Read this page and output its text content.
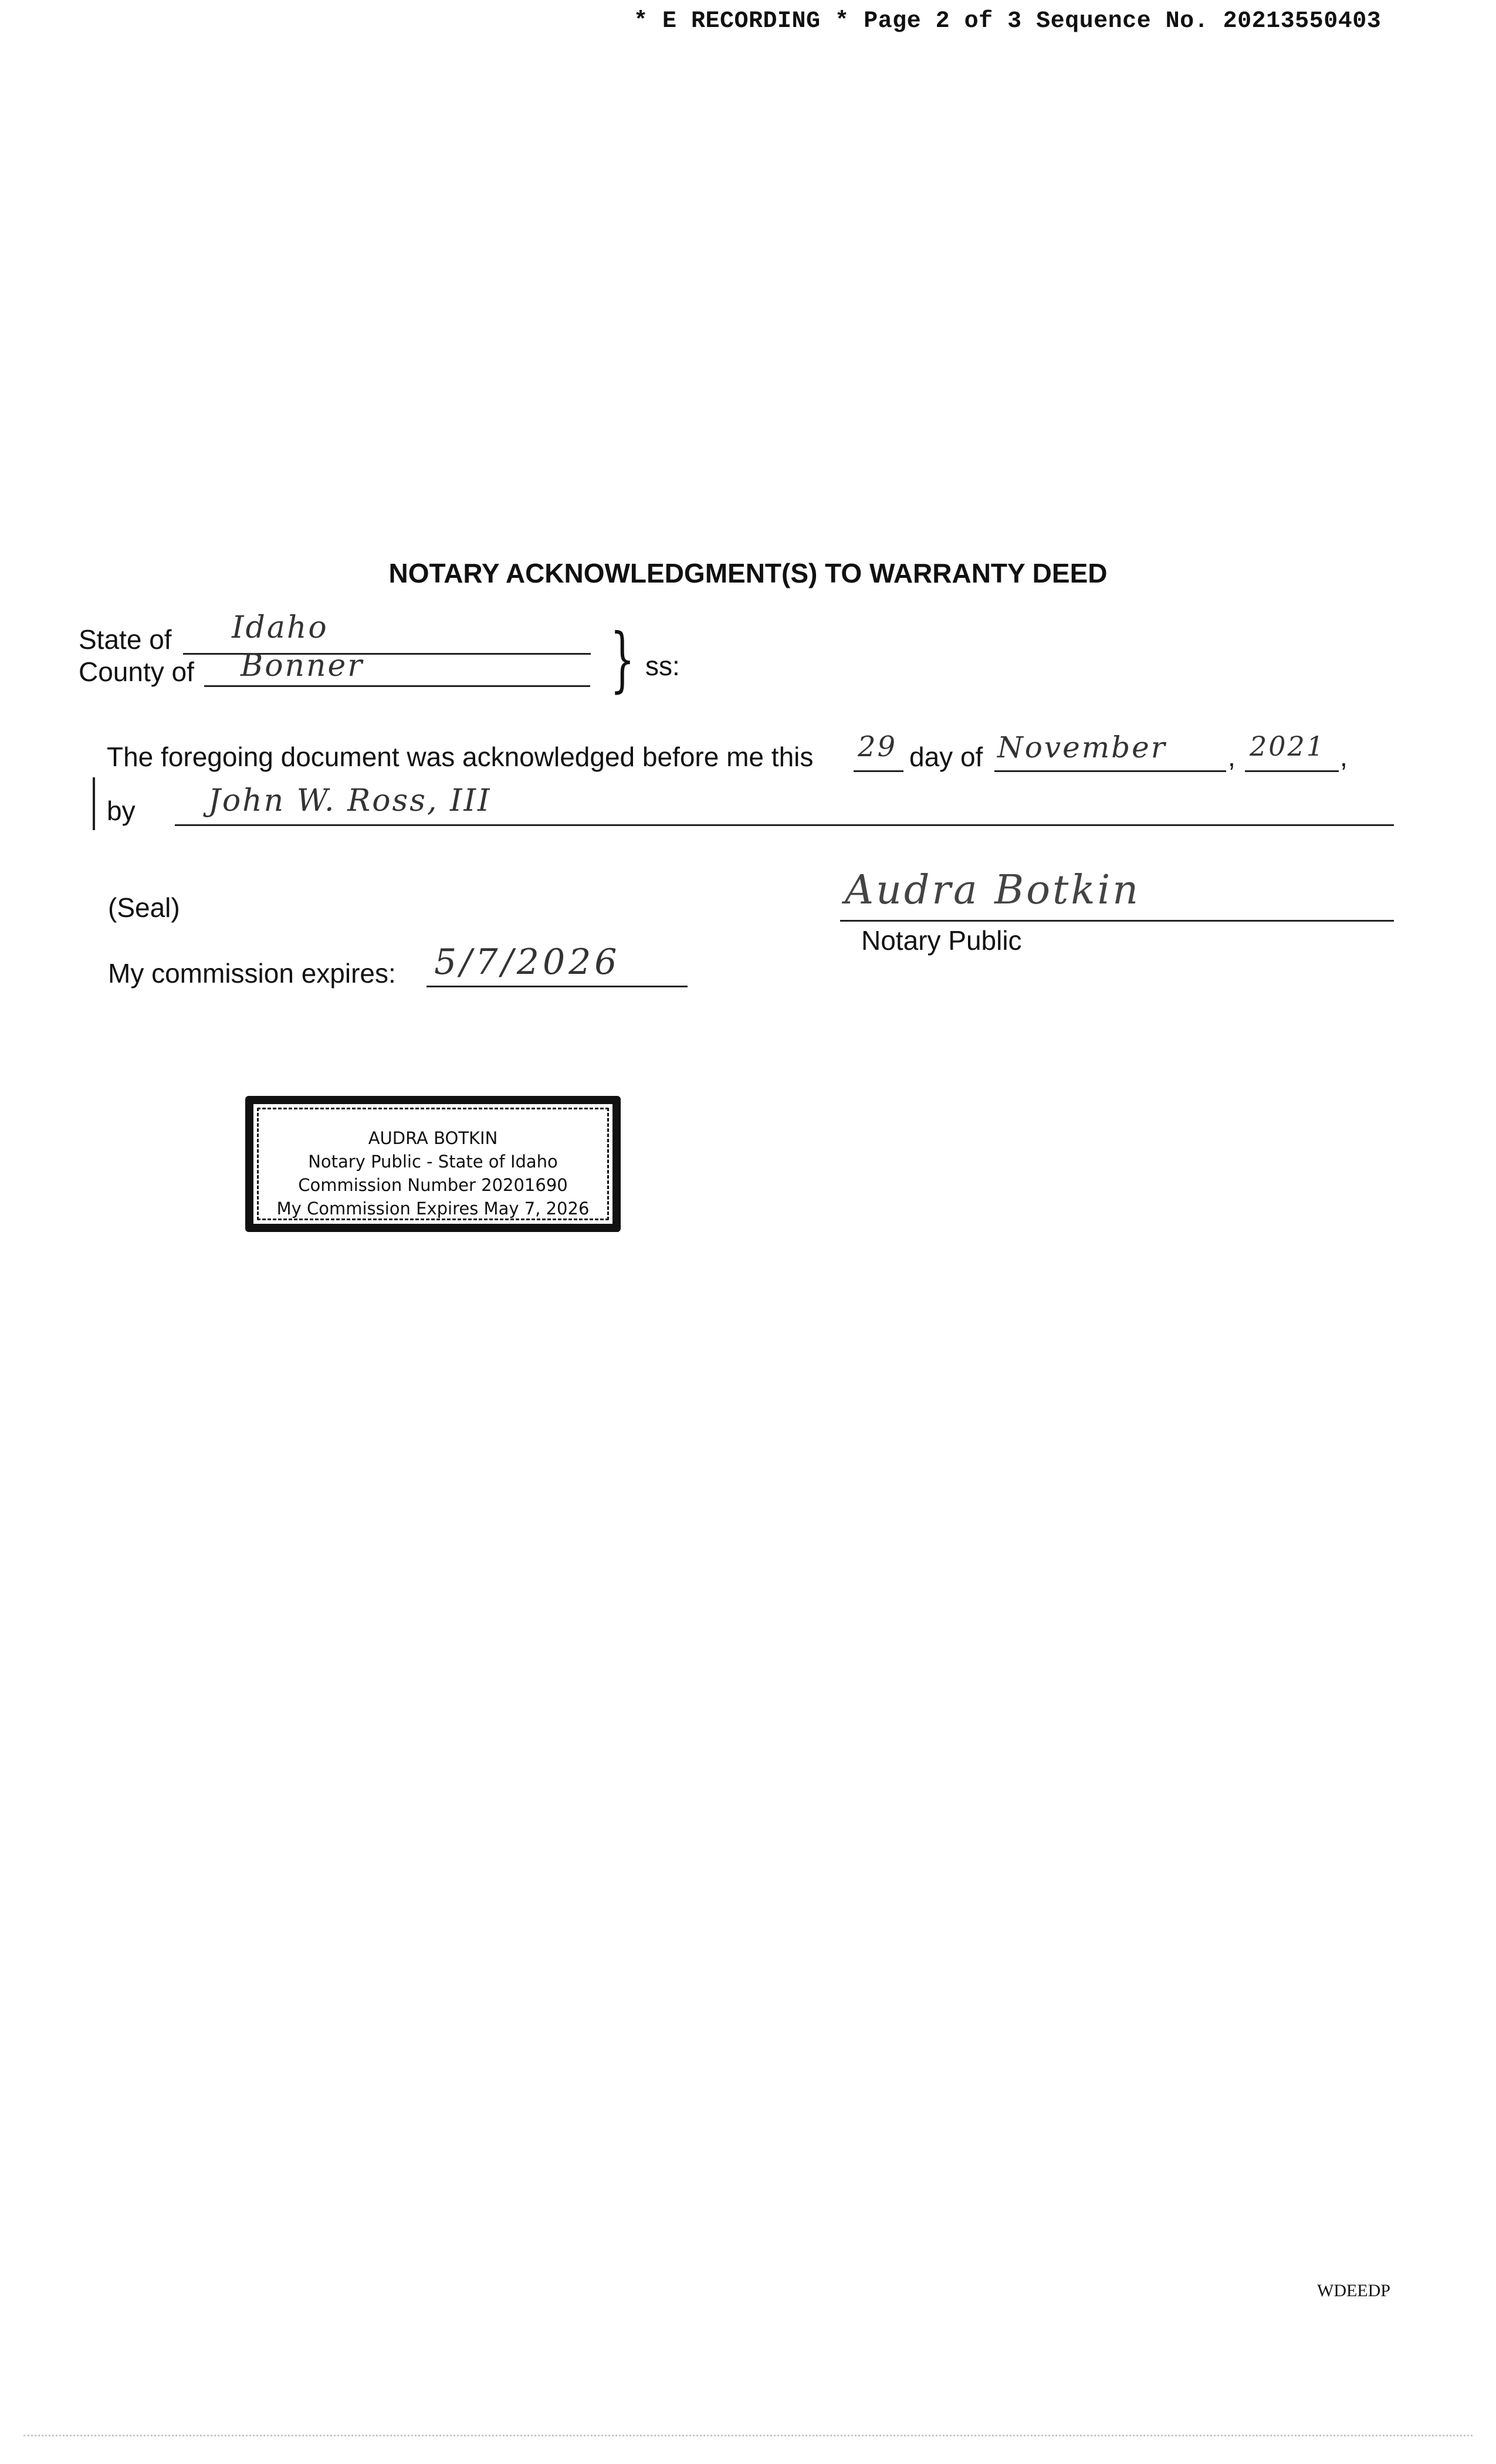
* E RECORDING * Page 2 of 3 Sequence No. 20213550403
NOTARY ACKNOWLEDGMENT(S) TO WARRANTY DEED
State of Idaho
County of Bonner	} ss:
The foregoing document was acknowledged before me this 29 day of November , 2021 ,
by John W. Ross, III
(Seal)	Audra Botkin
Notary Public
My commission expires: 5/7/2026
AUDRA BOTKIN
Notary Public - State of Idaho
Commission Number 20201690
My Commission Expires May 7, 2026
WDEEDP
